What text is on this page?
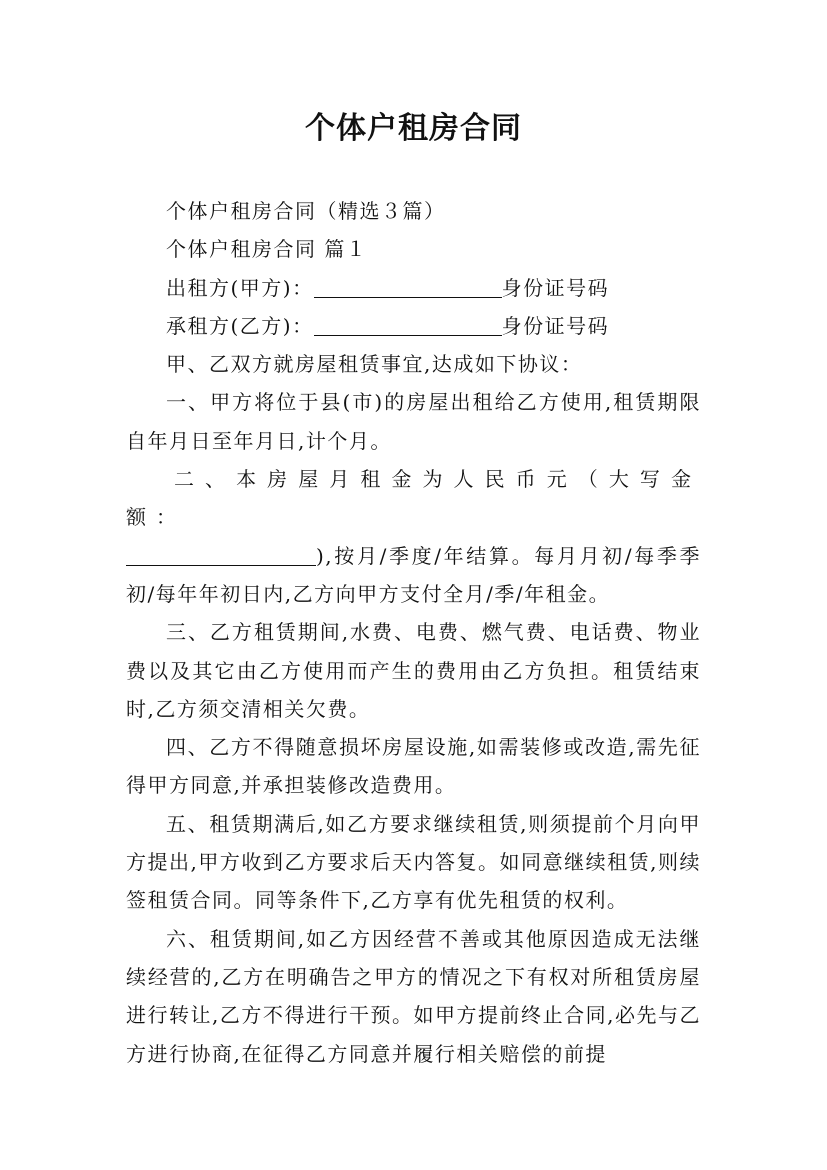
个体户租房合同

个体户租房合同（精选３篇）

个体户租房合同 篇１

出租方(甲方)：	身份证号码

承租方(乙方)：	身份证号码

甲、乙双方就房屋租赁事宜,达成如下协议：

一、甲方将位于县(市)的房屋出租给乙方使用,租赁期限自年月日至年月日,计个月。

二、本房屋月租金为人民币元（大写金额：

),按月/季度/年结算。每月月初/每季季初/每年年初日内,乙方向甲方支付全月/季/年租金。

三、乙方租赁期间,水费、电费、燃气费、电话费、物业费以及其它由乙方使用而产生的费用由乙方负担。租赁结束时,乙方须交清相关欠费。

四、乙方不得随意损坏房屋设施,如需装修或改造,需先征得甲方同意,并承担装修改造费用。

五、租赁期满后,如乙方要求继续租赁,则须提前个月向甲方提出,甲方收到乙方要求后天内答复。如同意继续租赁,则续签租赁合同。同等条件下,乙方享有优先租赁的权利。

六、租赁期间,如乙方因经营不善或其他原因造成无法继续经营的,乙方在明确告之甲方的情况之下有权对所租赁房屋进行转让,乙方不得进行干预。如甲方提前终止合同,必先与乙方进行协商,在征得乙方同意并履行相关赔偿的前提
